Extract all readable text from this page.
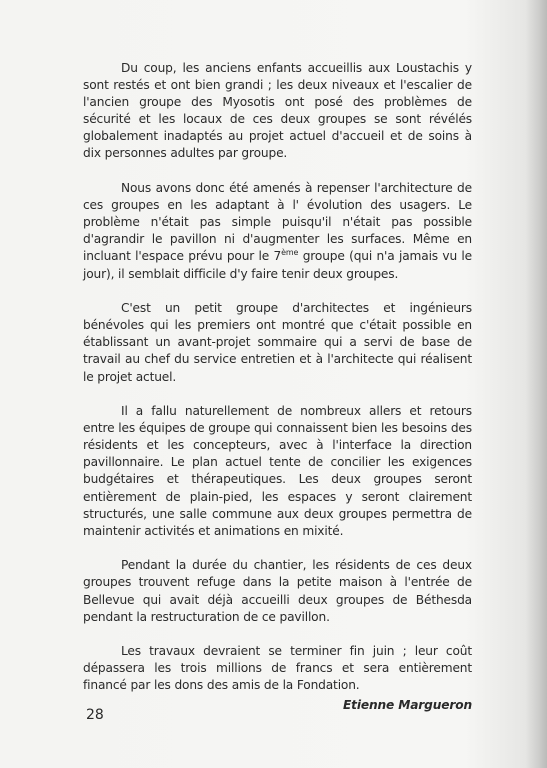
Du coup, les anciens enfants accueillis aux Loustachis y sont restés et ont bien grandi ; les deux niveaux et l'escalier de l'ancien groupe des Myosotis ont posé des problèmes de sécurité et les locaux de ces deux groupes se sont révélés globalement inadaptés au projet actuel d'accueil et de soins à dix personnes adultes par groupe.

Nous avons donc été amenés à repenser l'architecture de ces groupes en les adaptant à l' évolution des usagers. Le problème n'était pas simple puisqu'il n'était pas possible d'agrandir le pavillon ni d'augmenter les surfaces. Même en incluant l'espace prévu pour le 7ème groupe (qui n'a jamais vu le jour), il semblait difficile d'y faire tenir deux groupes.

C'est un petit groupe d'architectes et ingénieurs bénévoles qui les premiers ont montré que c'était possible en établissant un avant-projet sommaire qui a servi de base de travail au chef du service entretien et à l'architecte qui réalisent le projet actuel.

Il a fallu naturellement de nombreux allers et retours entre les équipes de groupe qui connaissent bien les besoins des résidents et les concepteurs, avec à l'interface la direction pavillonnaire. Le plan actuel tente de concilier les exigences budgétaires et thérapeutiques. Les deux groupes seront entièrement de plain-pied, les espaces y seront clairement structurés, une salle commune aux deux groupes permettra de maintenir activités et animations en mixité.

Pendant la durée du chantier, les résidents de ces deux groupes trouvent refuge dans la petite maison à l'entrée de Bellevue qui avait déjà accueilli deux groupes de Béthesda pendant la restructuration de ce pavillon.

Les travaux devraient se terminer fin juin ; leur coût dépassera les trois millions de francs et sera entièrement financé par les dons des amis de la Fondation.

Etienne Margueron
28
